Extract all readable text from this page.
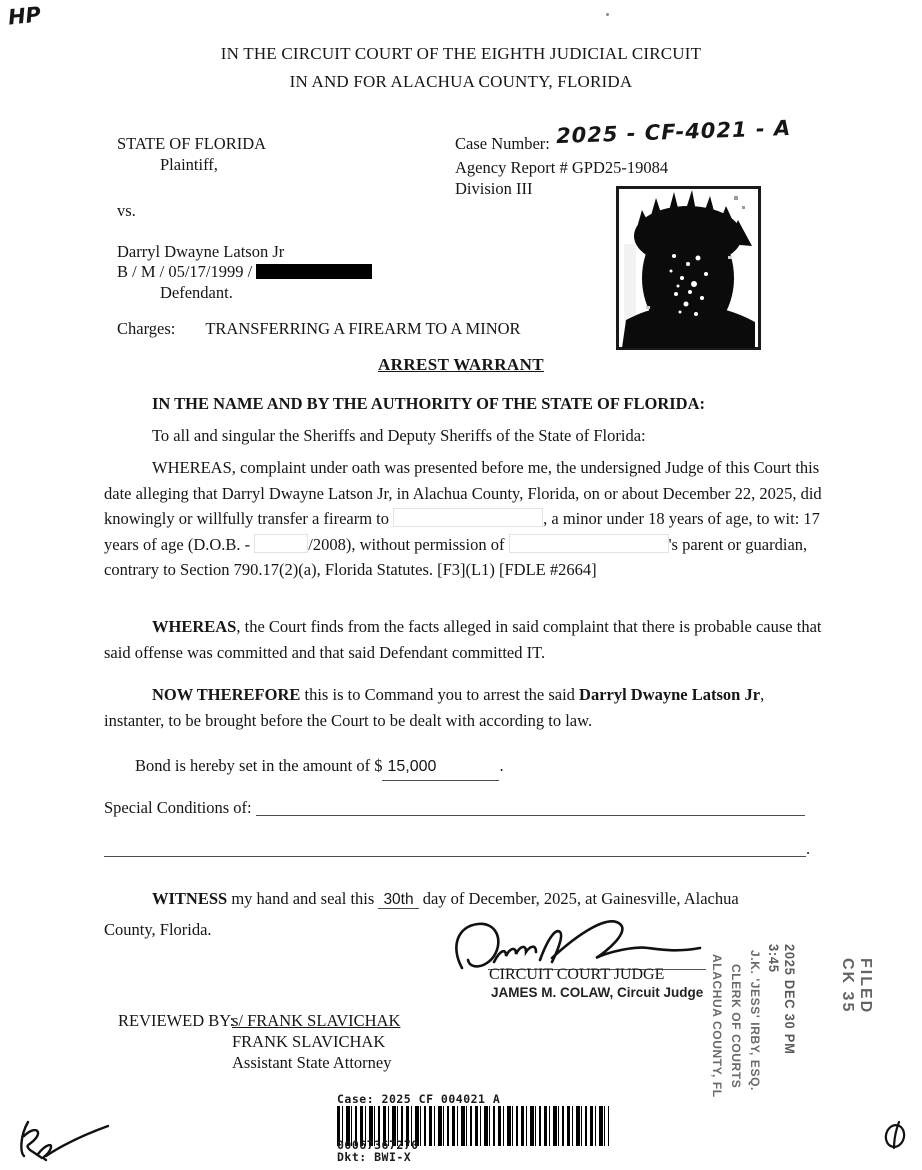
HP
IN THE CIRCUIT COURT OF THE EIGHTH JUDICIAL CIRCUIT
IN AND FOR ALACHUA COUNTY, FLORIDA
STATE OF FLORIDA
Plaintiff,
vs.
Darryl Dwayne Latson Jr
B / M / 05/17/1999 /
Defendant.
Charges: TRANSFERRING A FIREARM TO A MINOR
Case Number: 2025 - CF-4021 - A
Agency Report # GPD25-19084
Division III
ARREST WARRANT
IN THE NAME AND BY THE AUTHORITY OF THE STATE OF FLORIDA:
To all and singular the Sheriffs and Deputy Sheriffs of the State of Florida:
WHEREAS, complaint under oath was presented before me, the undersigned Judge of this Court this date alleging that Darryl Dwayne Latson Jr, in Alachua County, Florida, on or about December 22, 2025, did knowingly or willfully transfer a firearm to	, a minor under 18 years of age, to wit: 17 years of age (D.O.B. -	/2008), without permission of	's parent or guardian, contrary to Section 790.17(2)(a), Florida Statutes. [F3](L1) [FDLE #2664]
WHEREAS, the Court finds from the facts alleged in said complaint that there is probable cause that said offense was committed and that said Defendant committed IT.
NOW THEREFORE this is to Command you to arrest the said Darryl Dwayne Latson Jr, instanter, to be brought before the Court to be dealt with according to law.
Bond is hereby set in the amount of $ 15,000	.
Special Conditions of:
.
WITNESS my hand and seal this 30th day of December, 2025, at Gainesville, Alachua
County, Florida.
CIRCUIT COURT JUDGE
JAMES M. COLAW, Circuit Judge
REVIEWED BY:
s/ FRANK SLAVICHAK
FRANK SLAVICHAK
Assistant State Attorney	J.K. 'JESS' IRBY, ESQ.
CLERK OF COURTS
ALACHUA COUNTY, FL	2025 DEC 30 PM 3:45	FILED
CK 35
Case: 2025 CF 004021 A
00067367270
Dkt: BWI-X
